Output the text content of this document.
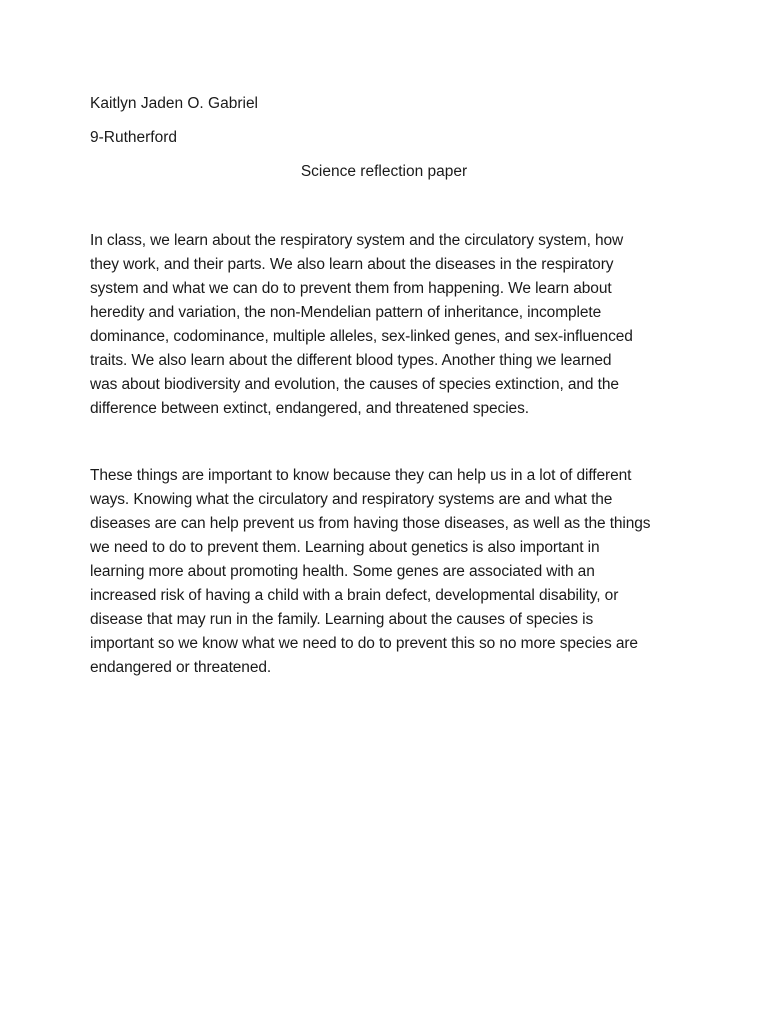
Kaitlyn Jaden O. Gabriel
9-Rutherford
Science reflection paper
In class, we learn about the respiratory system and the circulatory system, how
they work, and their parts. We also learn about the diseases in the respiratory
system and what we can do to prevent them from happening. We learn about
heredity and variation, the non-Mendelian pattern of inheritance, incomplete
dominance, codominance, multiple alleles, sex-linked genes, and sex-influenced
traits. We also learn about the different blood types. Another thing we learned
was about biodiversity and evolution, the causes of species extinction, and the
difference between extinct, endangered, and threatened species.
These things are important to know because they can help us in a lot of different
ways. Knowing what the circulatory and respiratory systems are and what the
diseases are can help prevent us from having those diseases, as well as the things
we need to do to prevent them. Learning about genetics is also important in
learning more about promoting health. Some genes are associated with an
increased risk of having a child with a brain defect, developmental disability, or
disease that may run in the family. Learning about the causes of species is
important so we know what we need to do to prevent this so no more species are
endangered or threatened.
